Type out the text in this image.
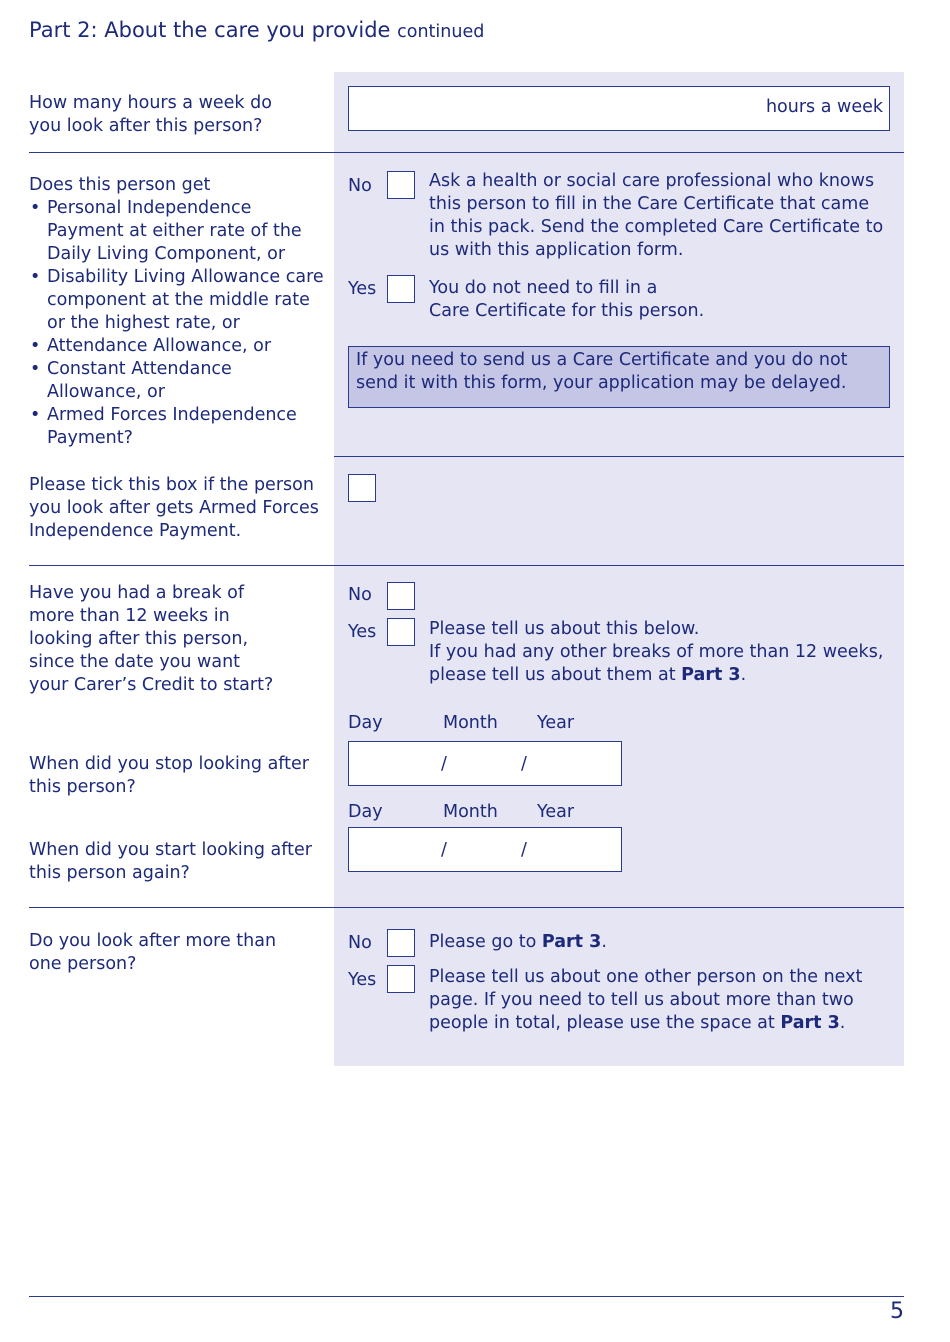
Part 2: About the care you provide continued

How many hours a week do you look after this person?

hours a week
Does this person get
• Personal Independence Payment at either rate of the Daily Living Component, or
• Disability Living Allowance care component at the middle rate or the highest rate, or
• Attendance Allowance, or
• Constant Attendance Allowance, or
• Armed Forces Independence Payment?
No	Ask a health or social care professional who knows this person to fill in the Care Certificate that came in this pack. Send the completed Care Certificate to us with this application form.
Yes	You do not need to fill in a
Care Certificate for this person.
If you need to send us a Care Certificate and you do not send it with this form, your application may be delayed.

Please tick this box if the person you look after gets Armed Forces Independence Payment.

Have you had a break of more than 12 weeks in looking after this person, since the date you want your Carer’s Credit to start?

No
Yes	Please tell us about this below.
If you had any other breaks of more than 12 weeks, please tell us about them at Part 3.
Day	Month Year

When did you stop looking after this person?

/	/
Day	Month Year

When did you start looking after this person again?

/	/

Do you look after more than one person?

No	Please go to Part 3.
Yes	Please tell us about one other person on the next page. If you need to tell us about more than two people in total, please use the space at Part 3.
5
